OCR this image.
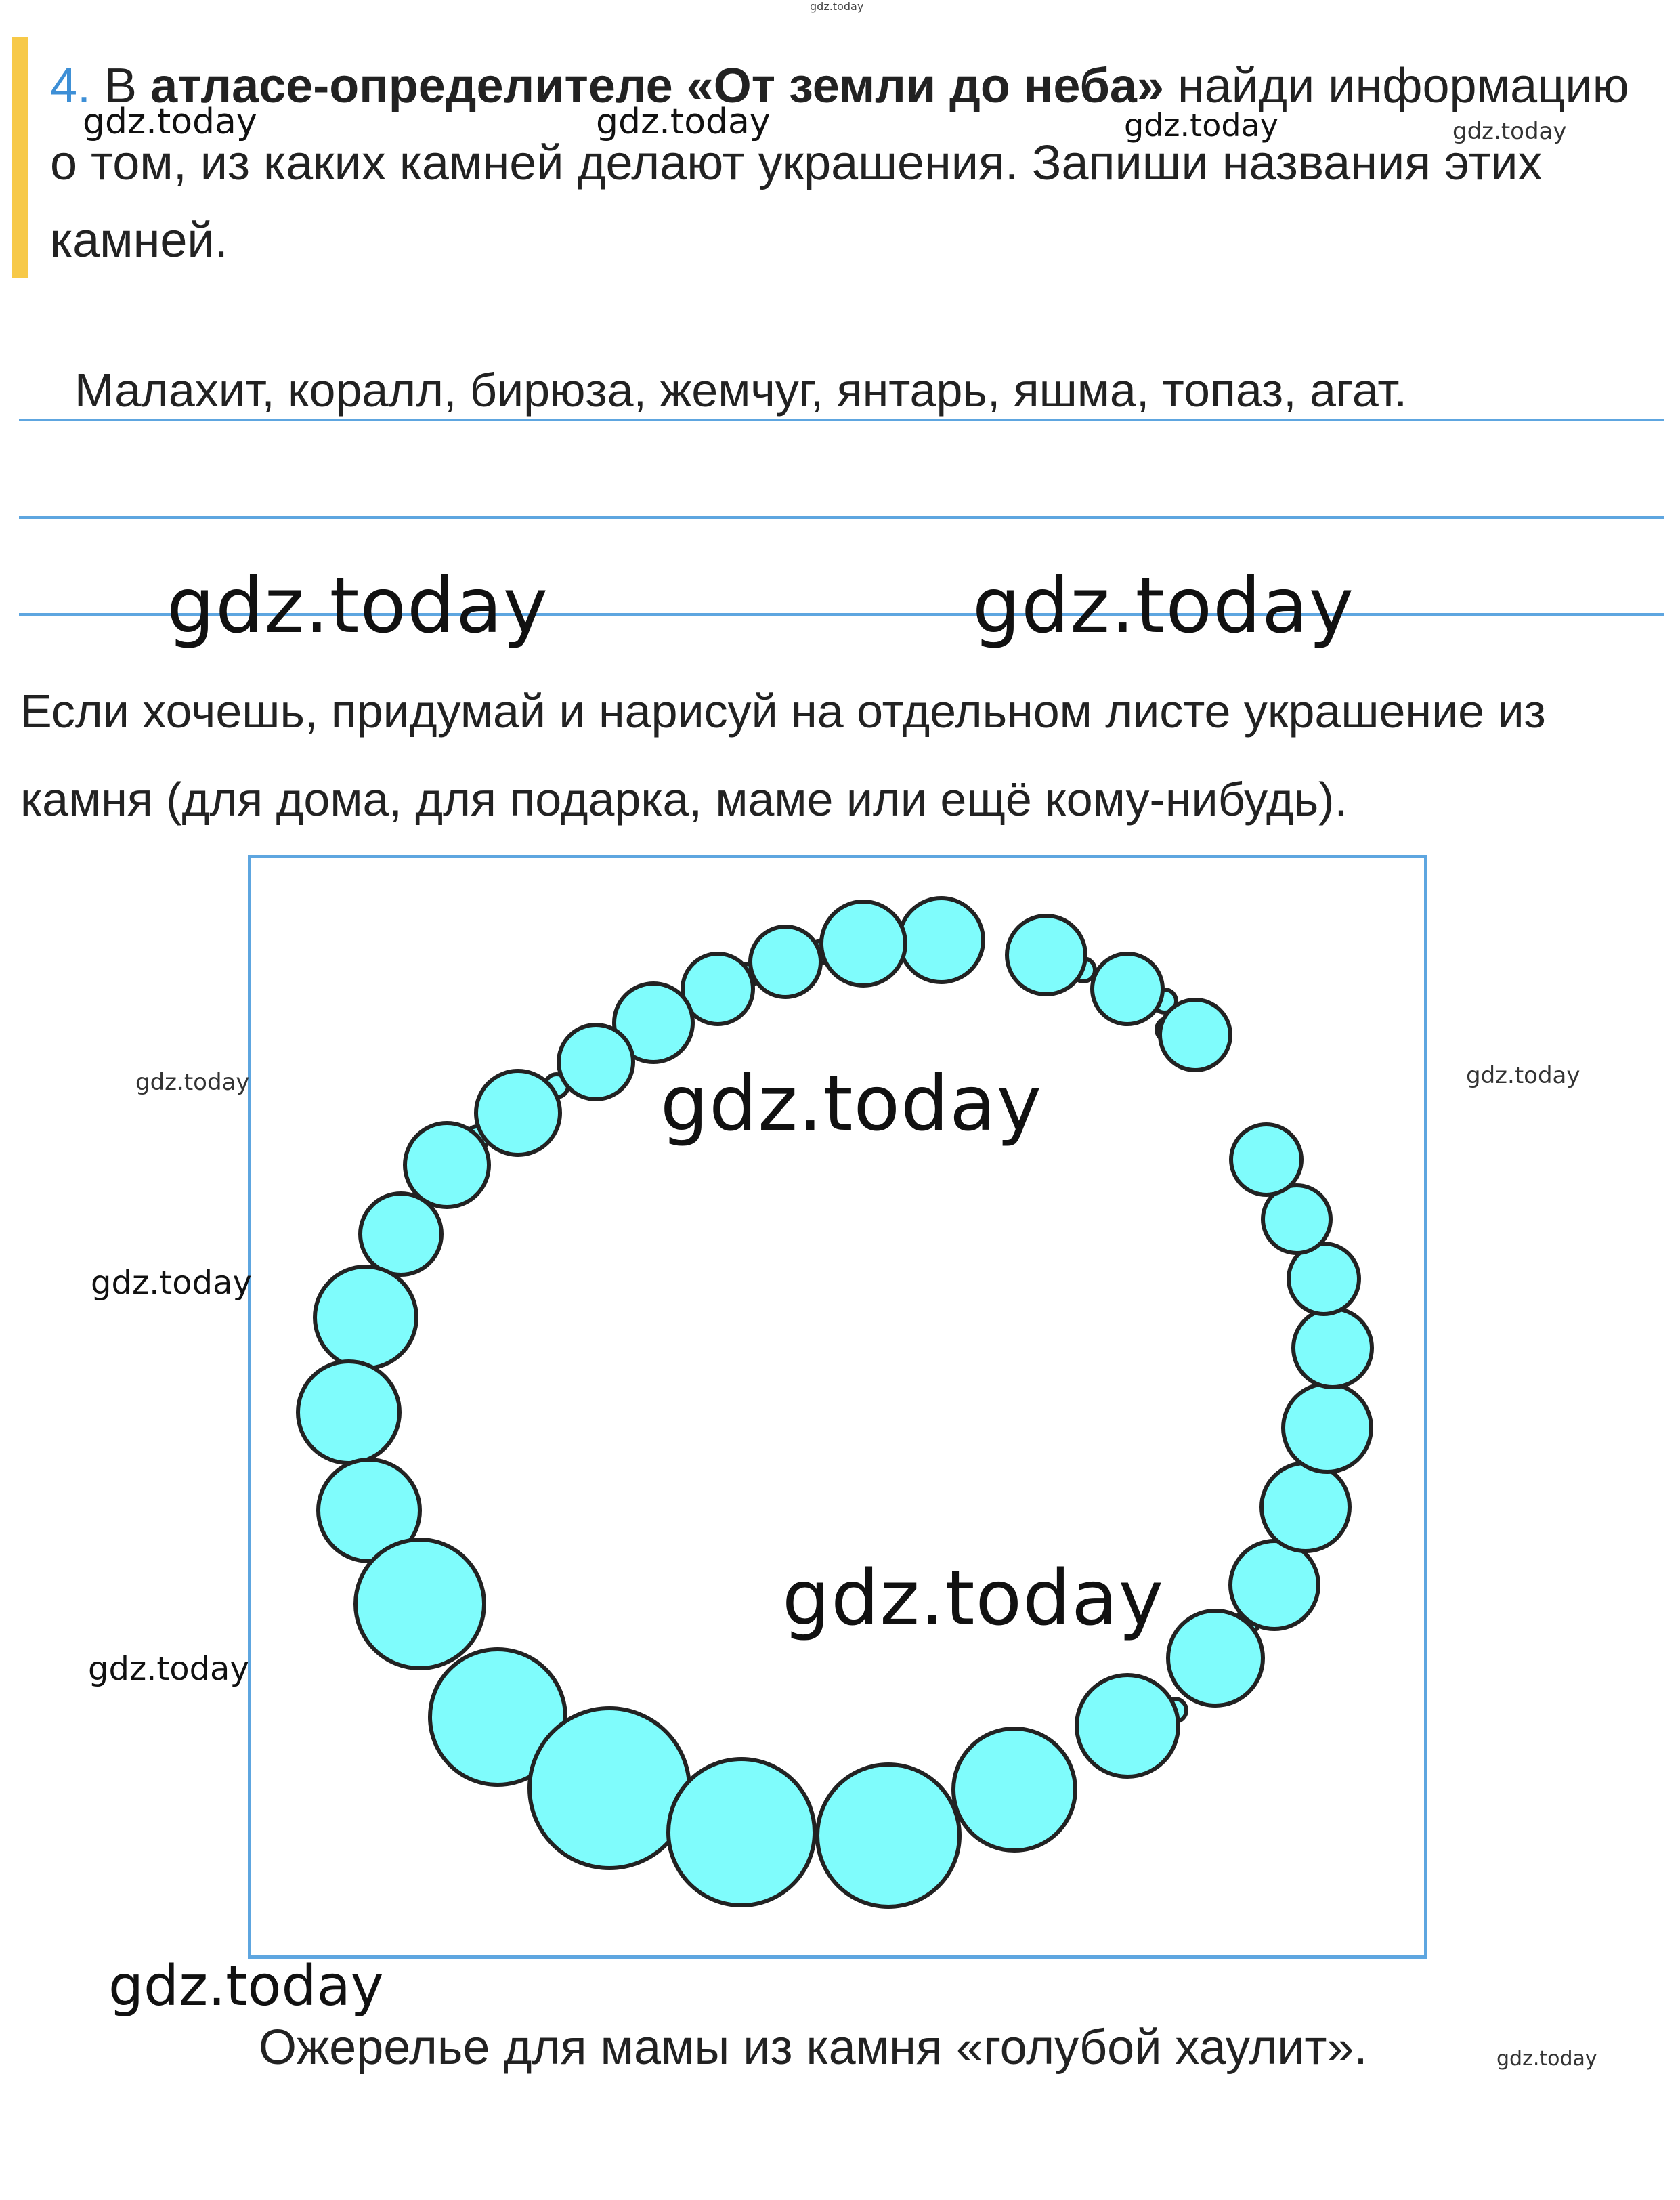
4. В атласе-определителе «От земли до неба» найди информацию о том, из каких камней делают украшения. Запиши названия этих камней.
Малахит, коралл, бирюза, жемчуг, янтарь, яшма, топаз, агат.
Если хочешь, придумай и нарисуй на отдельном листе украшение из камня (для дома, для подарка, маме или ещё кому-нибудь).
Ожерелье для мамы из камня «голубой хаулит».
gdz.today
gdz.today	gdz.today	gdz.today	gdz.today
gdz.today	gdz.today
gdz.today	gdz.today
gdz.today
gdz.today
gdz.today
gdz.today
gdz.today
gdz.today
